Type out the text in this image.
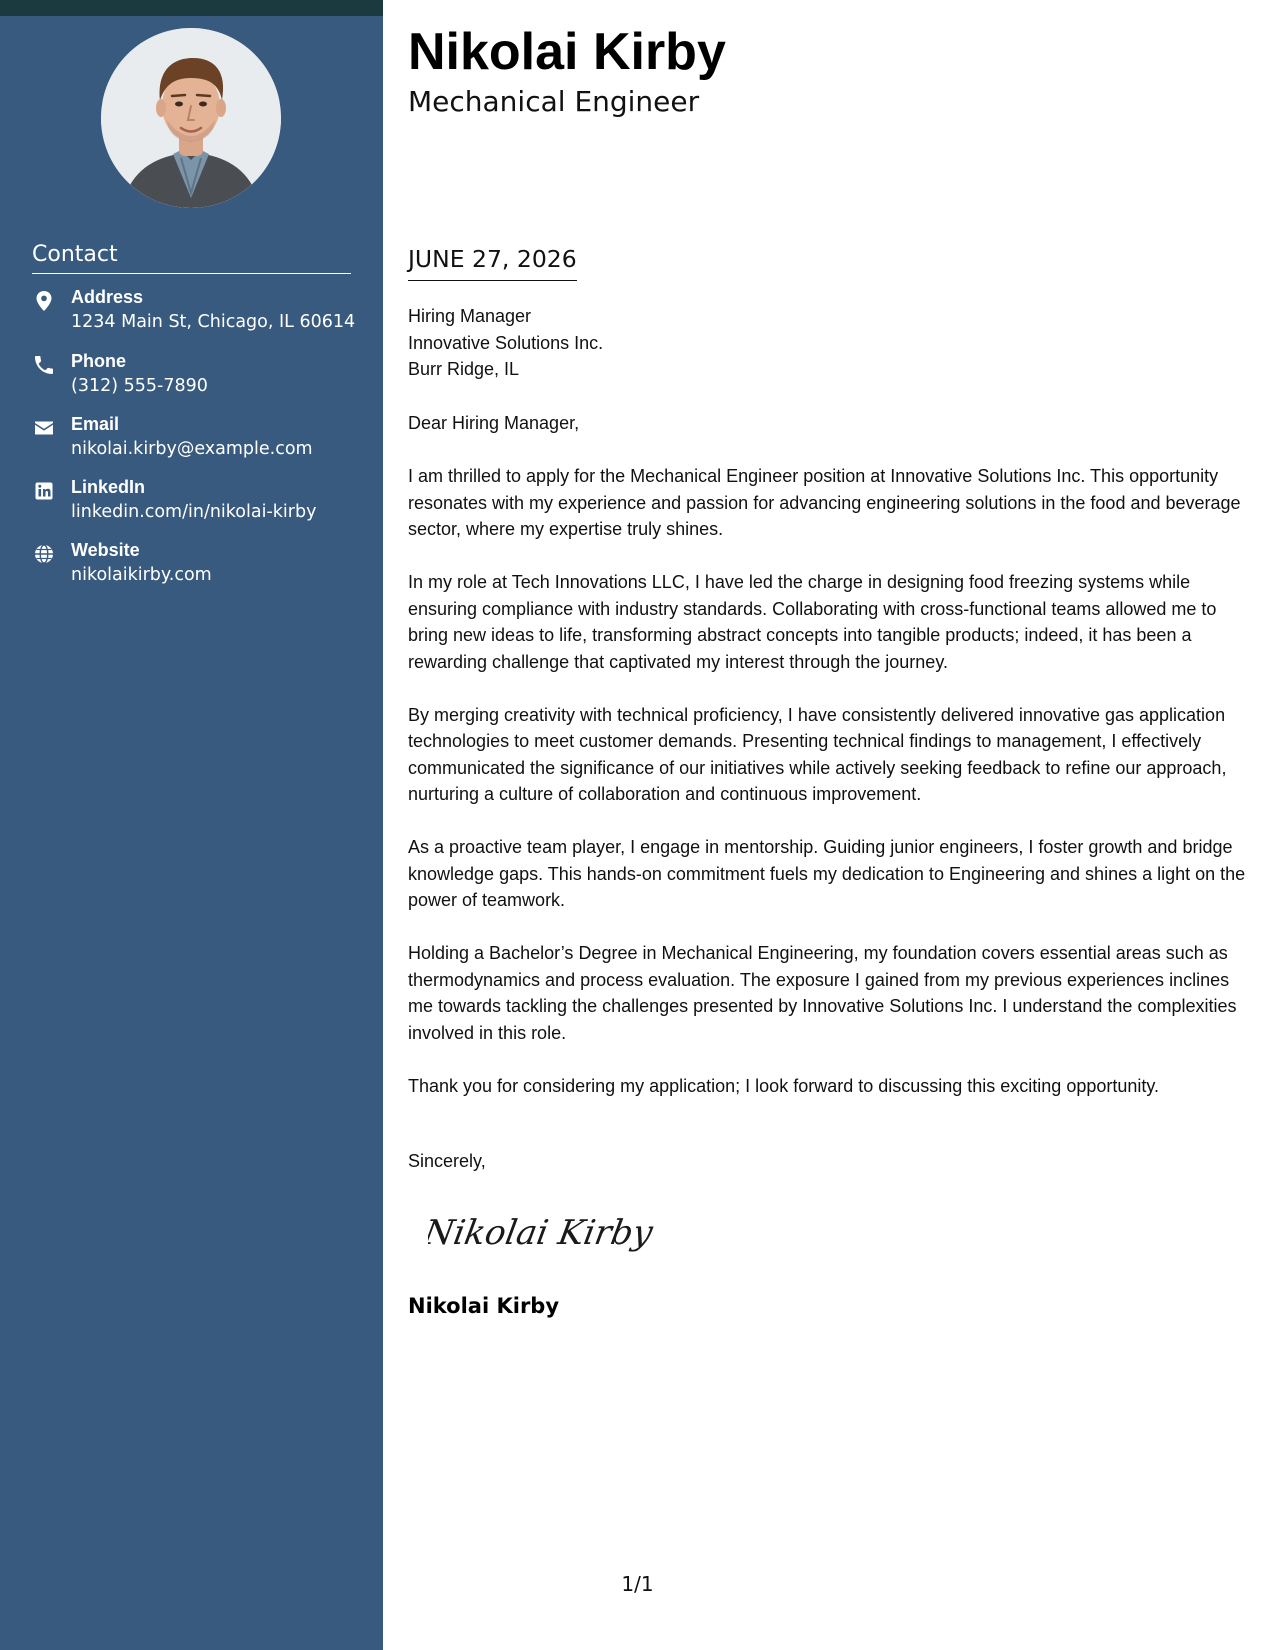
Contact
Address
1234 Main St, Chicago, IL 60614
Phone
(312) 555-7890
Email
nikolai.kirby@example.com
LinkedIn
linkedin.com/in/nikolai-kirby
Website
nikolaikirby.com
Nikolai Kirby
Mechanical Engineer
JUNE 27, 2026
Hiring Manager
Innovative Solutions Inc.
Burr Ridge, IL

Dear Hiring Manager,

I am thrilled to apply for the Mechanical Engineer position at Innovative Solutions Inc. This opportunity resonates with my experience and passion for advancing engineering solutions in the food and beverage sector, where my expertise truly shines.

In my role at Tech Innovations LLC, I have led the charge in designing food freezing systems while ensuring compliance with industry standards. Collaborating with cross-functional teams allowed me to bring new ideas to life, transforming abstract concepts into tangible products; indeed, it has been a rewarding challenge that captivated my interest through the journey.

By merging creativity with technical proficiency, I have consistently delivered innovative gas application technologies to meet customer demands. Presenting technical findings to management, I effectively communicated the significance of our initiatives while actively seeking feedback to refine our approach, nurturing a culture of collaboration and continuous improvement.

As a proactive team player, I engage in mentorship. Guiding junior engineers, I foster growth and bridge knowledge gaps. This hands-on commitment fuels my dedication to Engineering and shines a light on the power of teamwork.

Holding a Bachelor’s Degree in Mechanical Engineering, my foundation covers essential areas such as thermodynamics and process evaluation. The exposure I gained from my previous experiences inclines me towards tackling the challenges presented by Innovative Solutions Inc. I understand the complexities involved in this role.

Thank you for considering my application; I look forward to discussing this exciting opportunity.

Sincerely,
Nikolai Kirby
Nikolai Kirby
1/1
